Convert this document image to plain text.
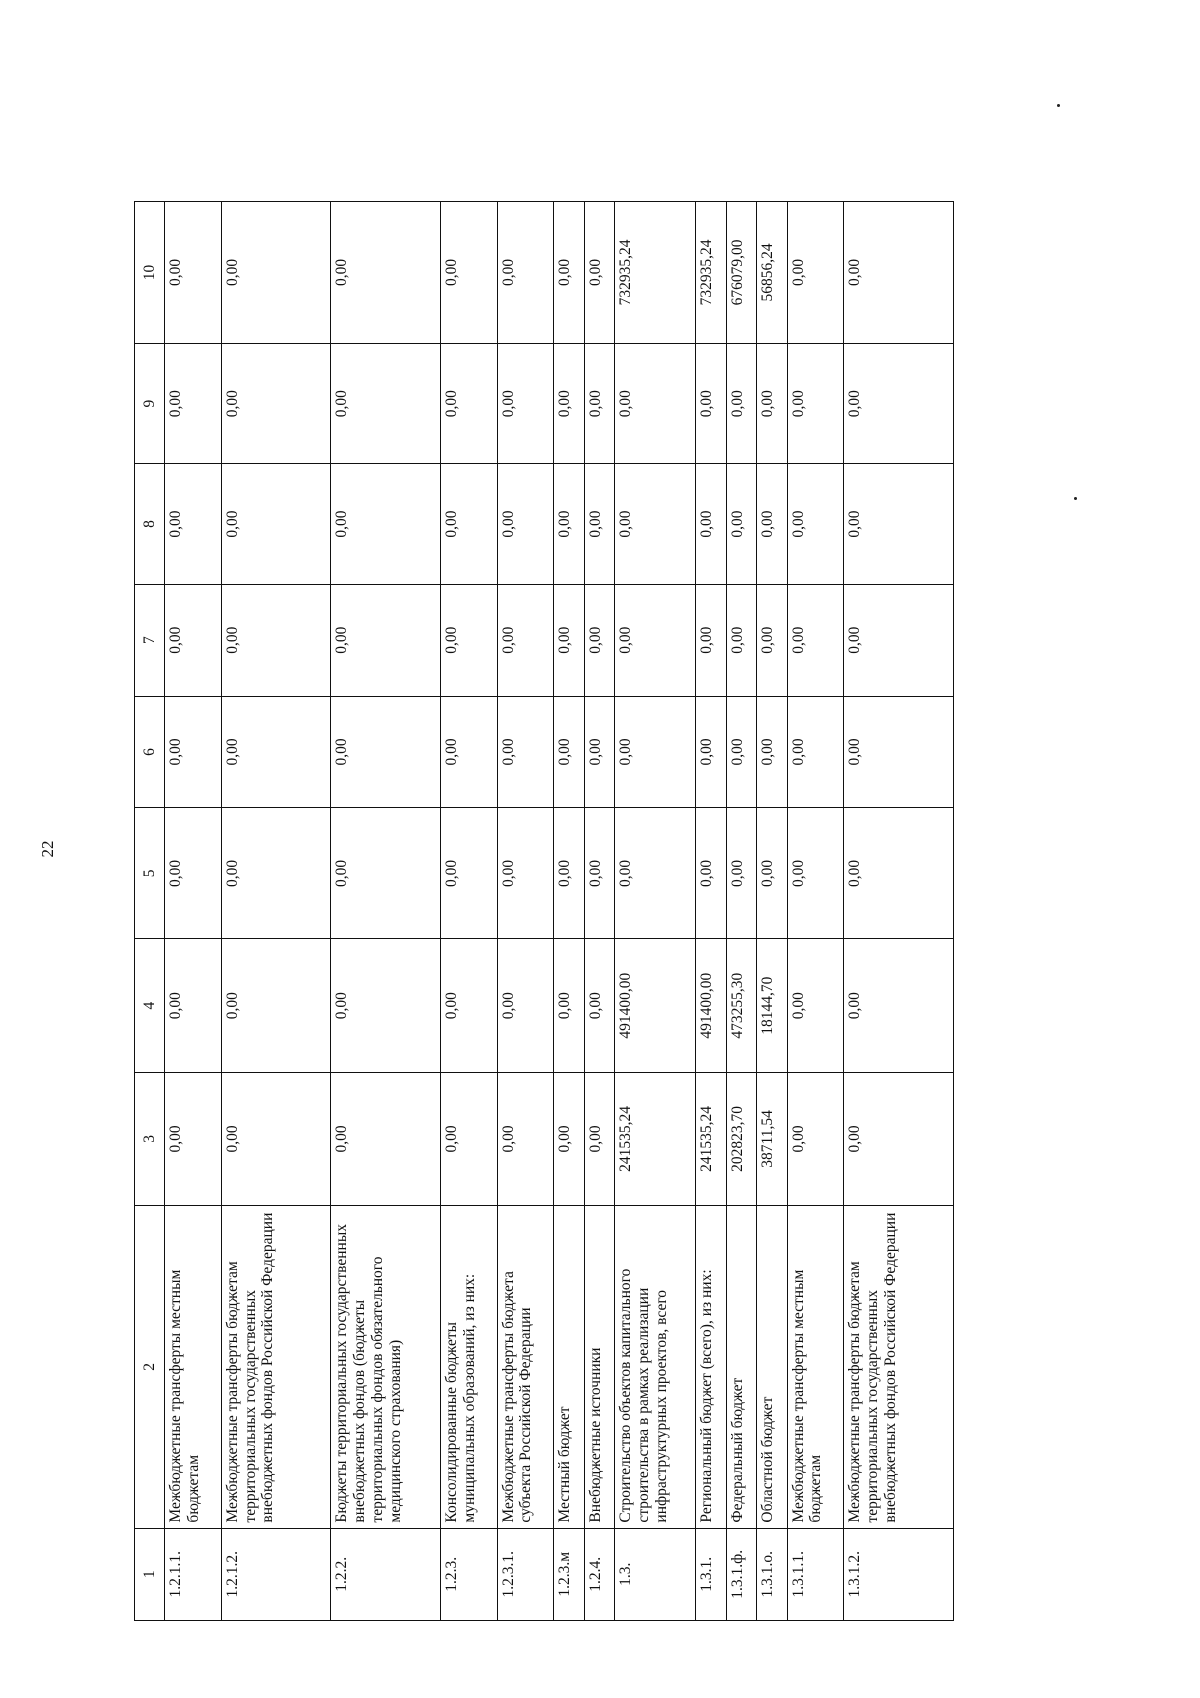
22
1	2	3	4	5	6	7	8	9	10
1.2.1.1.	Межбюджетные трансферты местным бюджетам	0,00	0,00	0,00	0,00	0,00	0,00	0,00	0,00
1.2.1.2.	Межбюджетные трансферты бюджетам территориальных государственных внебюджетных фондов Российской Федерации	0,00	0,00	0,00	0,00	0,00	0,00	0,00	0,00
1.2.2.	Бюджеты территориальных государственных внебюджетных фондов (бюджеты территориальных фондов обязательного медицинского страхования)	0,00	0,00	0,00	0,00	0,00	0,00	0,00	0,00
1.2.3.	Консолидированные бюджеты муниципальных образований, из них:	0,00	0,00	0,00	0,00	0,00	0,00	0,00	0,00
1.2.3.1.	Межбюджетные трансферты бюджета субъекта Российской Федерации	0,00	0,00	0,00	0,00	0,00	0,00	0,00	0,00
1.2.3.м	Местный бюджет	0,00	0,00	0,00	0,00	0,00	0,00	0,00	0,00
1.2.4.	Внебюджетные источники	0,00	0,00	0,00	0,00	0,00	0,00	0,00	0,00
1.3.	Строительство объектов капитального строительства в рамках реализации инфраструктурных проектов, всего	241535,24	491400,00	0,00	0,00	0,00	0,00	0,00	732935,24
1.3.1.	Региональный бюджет (всего), из них:	241535,24	491400,00	0,00	0,00	0,00	0,00	0,00	732935,24
1.3.1.ф.	Федеральный бюджет	202823,70	473255,30	0,00	0,00	0,00	0,00	0,00	676079,00
1.3.1.о.	Областной бюджет	38711,54	18144,70	0,00	0,00	0,00	0,00	0,00	56856,24
1.3.1.1.	Межбюджетные трансферты местным бюджетам	0,00	0,00	0,00	0,00	0,00	0,00	0,00	0,00
1.3.1.2.	Межбюджетные трансферты бюджетам территориальных государственных внебюджетных фондов Российской Федерации	0,00	0,00	0,00	0,00	0,00	0,00	0,00	0,00
